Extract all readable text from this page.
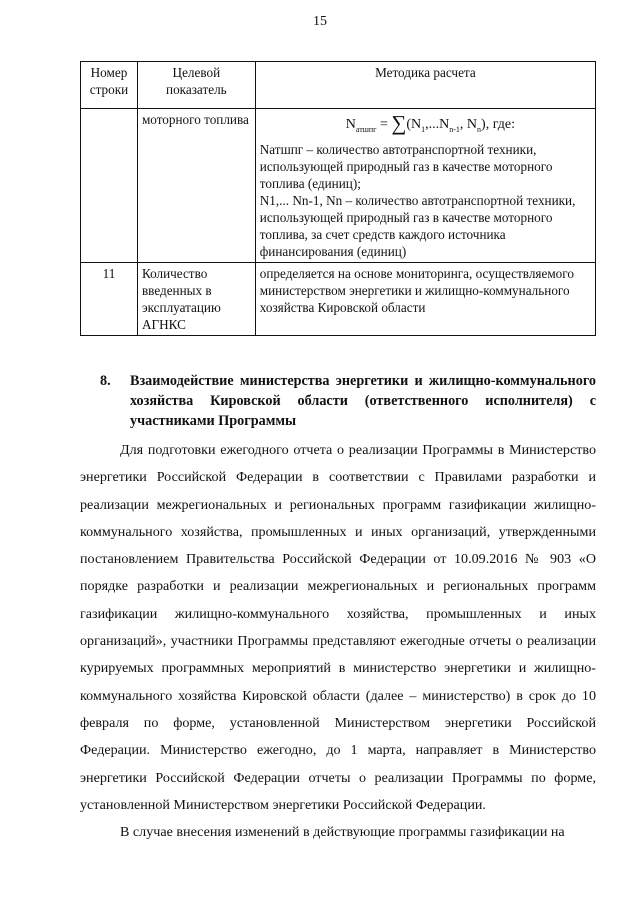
15
Номер строки	Целевой показатель	Методика расчета
	моторного топлива	$N_{атшпг} = \sum(N_1,...N_{n-1}$, $N_n$), где:

Nатшпг – количество автотранспортной техники, использующей природный газ в качестве моторного топлива (единиц);

N1,... Nn-1, Nn – количество автотранспортной техники, использующей природный газ в качестве моторного топлива, за счет средств каждого источника финансирования (единиц)

11	Количество введенных в эксплуатацию АГНКС	определяется на основе мониторинга, осуществляемого министерством энергетики и жилищно-коммунального хозяйства Кировской области
8.	Взаимодействие министерства энергетики и жилищно-коммунального хозяйства Кировской области (ответственного исполнителя) с участниками Программы

Для подготовки ежегодного отчета о реализации Программы в Министерство энергетики Российской Федерации в соответствии с Правилами разработки и реализации межрегиональных и региональных программ газификации жилищно-коммунального хозяйства, промышленных и иных организаций, утвержденными постановлением Правительства Российской Федерации от 10.09.2016 № 903 «О порядке разработки и реализации межрегиональных и региональных программ газификации жилищно-коммунального хозяйства, промышленных и иных организаций», участники Программы представляют ежегодные отчеты о реализации курируемых программных мероприятий в министерство энергетики и жилищно-коммунального хозяйства Кировской области (далее – министерство) в срок до 10 февраля по форме, установленной Министерством энергетики Российской Федерации. Министерство ежегодно, до 1 марта, направляет в Министерство энергетики Российской Федерации отчеты о реализации Программы по форме, установленной Министерством энергетики Российской Федерации.

В случае внесения изменений в действующие программы газификации на
